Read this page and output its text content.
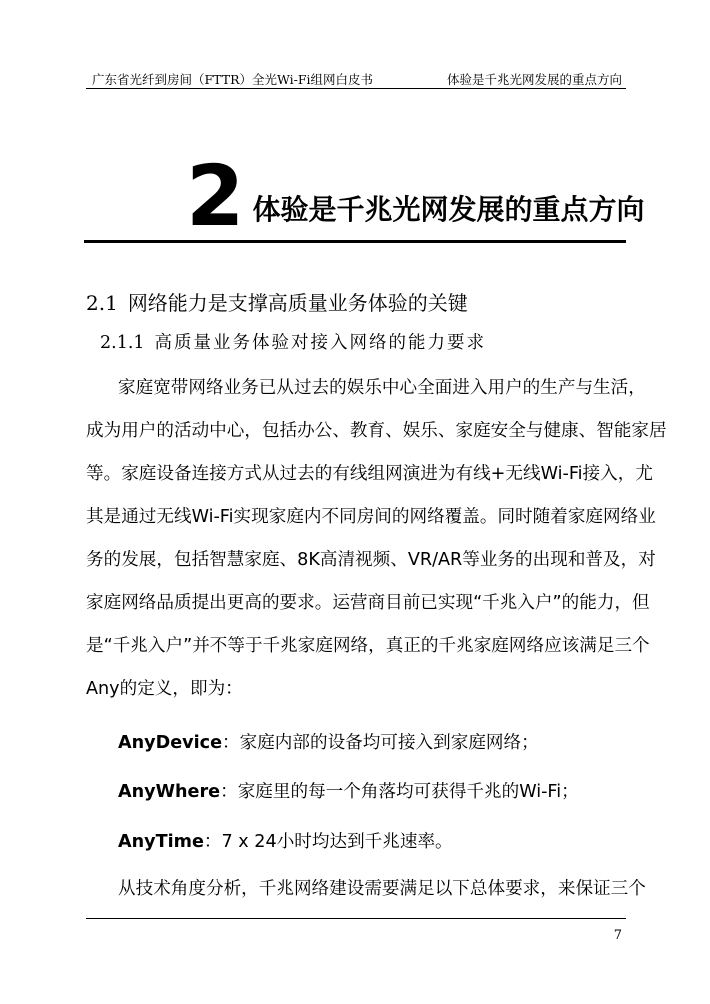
广东省光纤到房间（FTTR）全光Wi-Fi组网白皮书	体验是千兆光网发展的重点方向
2 体验是千兆光网发展的重点方向
2.1 网络能力是支撑高质量业务体验的关键
2.1.1 高质量业务体验对接入网络的能力要求

家庭宽带网络业务已从过去的娱乐中心全面进入用户的生产与生活，

成为用户的活动中心，包括办公、教育、娱乐、家庭安全与健康、智能家居

等。家庭设备连接方式从过去的有线组网演进为有线+无线Wi-Fi接入，尤

其是通过无线Wi-Fi实现家庭内不同房间的网络覆盖。同时随着家庭网络业

务的发展，包括智慧家庭、8K高清视频、VR/AR等业务的出现和普及，对

家庭网络品质提出更高的要求。运营商目前已实现“千兆入户”的能力，但

是“千兆入户”并不等于千兆家庭网络，真正的千兆家庭网络应该满足三个

Any的定义，即为：

AnyDevice：家庭内部的设备均可接入到家庭网络；
AnyWhere：家庭里的每一个角落均可获得千兆的Wi-Fi；
AnyTime：7 x 24小时均达到千兆速率。

从技术角度分析，千兆网络建设需要满足以下总体要求，来保证三个

7
